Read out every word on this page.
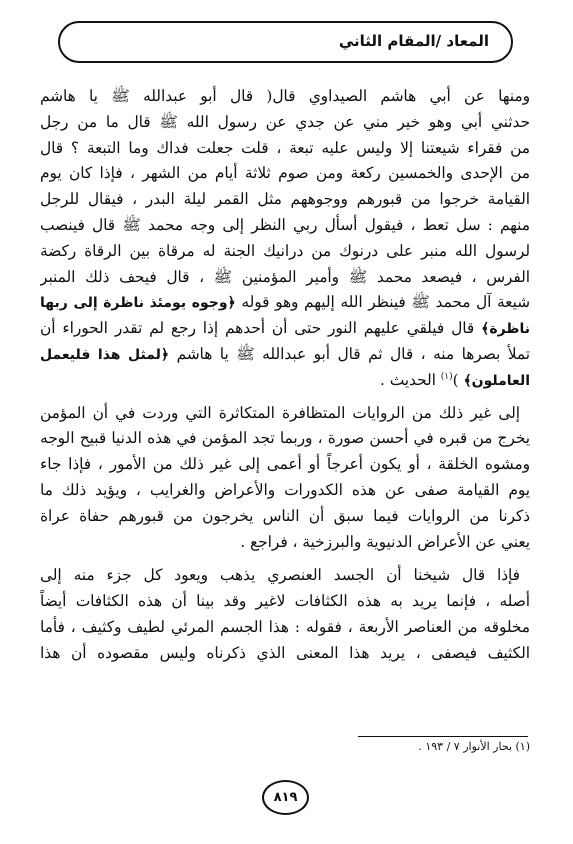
المعاد /المقام الثاني
ومنها عن أبي هاشم الصيداوي قال( قال أبو عبدالله ﷺ يا هاشم
حدثني أبي وهو خير مني عن جدي عن رسول الله ﷺ قال ما من رجل
من فقراء شيعتنا إلا وليس عليه تبعة ، قلت جعلت فداك وما التبعة ؟ قال
من الإحدى والخمسين ركعة ومن صوم ثلاثة أيام من الشهر ، فإذا كان يوم
القيامة خرجوا من قبورهم ووجوههم مثل القمر ليلة البدر ، فيقال للرجل
منهم : سل تعط ، فيقول أسأل ربي النظر إلى وجه محمد ﷺ قال فينصب
لرسول الله منبر على درنوك من درانيك الجنة له مرقاة بين الرقاة ركضة
الفرس ، فيصعد محمد ﷺ وأمير المؤمنين ﷺ ، قال فيحف ذلك المنبر
شيعة آل محمد ﷺ فينظر الله إليهم وهو قوله ﴿وجوه يومئذ ناظرة إلى ربها
ناظرة﴾ قال فيلقي عليهم النور حتى أن أحدهم إذا رجع لم تقدر الحوراء أن
تملأ بصرها منه ، قال ثم قال أبو عبدالله ﷺ يا هاشم ﴿لمثل هذا فليعمل
العاملون﴾ )$^{(١)}$ الحديث .
إلى غير ذلك من الروايات المتظافرة المتكاثرة التي وردت في أن المؤمن
يخرج من قبره في أحسن صورة ، وربما تجد المؤمن في هذه الدنيا قبيح الوجه
ومشوه الخلقة ، أو يكون أعرجاً أو أعمى إلى غير ذلك من الأمور ، فإذا جاء
يوم القيامة صفى عن هذه الكدورات والأعراض والغرايب ، ويؤيد ذلك ما
ذكرنا من الروايات فيما سبق أن الناس يخرجون من قبورهم حفاة عراة
يعني عن الأعراض الدنيوية والبرزخية ، فراجع .
فإذا قال شيخنا أن الجسد العنصري يذهب ويعود كل جزء منه إلى
أصله ، فإنما يريد به هذه الكثافات لاغير وقد بينا أن هذه الكثافات أيضاً
مخلوقه من العناصر الأربعة ، فقوله : هذا الجسم المرئي لطيف وكثيف ، فأما
الكثيف فيصفى ، يريد هذا المعنى الذي ذكرناه وليس مقصوده أن هذا
(١) بحار الأنوار ٧ / ١٩٣ .
٨١٩
